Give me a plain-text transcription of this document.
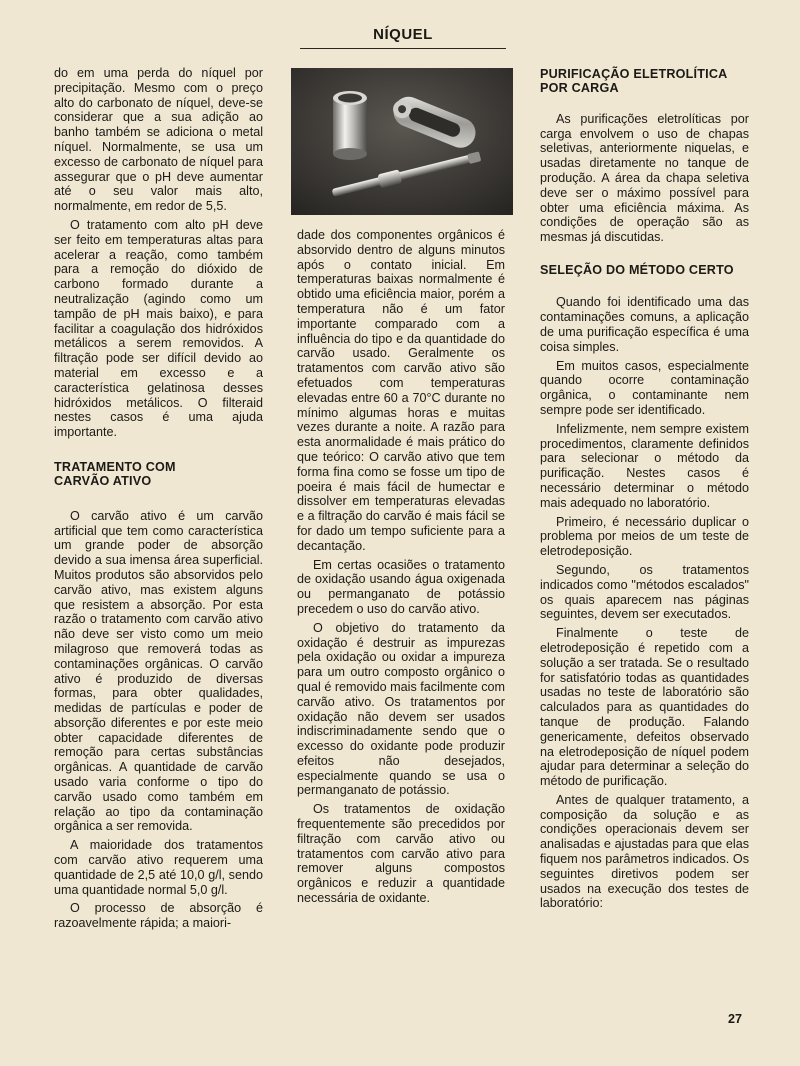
NÍQUEL

do em uma perda do níquel por precipitação. Mesmo com o preço alto do carbonato de níquel, deve-se considerar que a sua adição ao banho também se adiciona o metal níquel. Normalmente, se usa um excesso de carbonato de níquel para assegurar que o pH deve aumentar até o seu valor mais alto, normalmente, em redor de 5,5.

O tratamento com alto pH deve ser feito em temperaturas altas para acelerar a reação, como também para a remoção do dióxido de carbono formado durante a neutralização (agindo como um tampão de pH mais baixo), e para facilitar a coagulação dos hidróxidos metálicos a serem removidos. A filtração pode ser difícil devido ao material em excesso e a característica gelatinosa desses hidróxidos metálicos. O filteraid nestes casos é uma ajuda importante.

TRATAMENTO COM CARVÃO ATIVO

O carvão ativo é um carvão artificial que tem como característica um grande poder de absorção devido a sua imensa área superficial. Muitos produtos são absorvidos pelo carvão ativo, mas existem alguns que resistem a absorção. Por esta razão o tratamento com carvão ativo não deve ser visto como um meio milagroso que removerá todas as contaminações orgânicas. O carvão ativo é produzido de diversas formas, para obter qualidades, medidas de partículas e poder de absorção diferentes e por este meio obter capacidade diferentes de remoção para certas substâncias orgânicas. A quantidade de carvão usado varia conforme o tipo do carvão usado como também em relação ao tipo da contaminação orgânica a ser removida.

A maioridade dos tratamentos com carvão ativo requerem uma quantidade de 2,5 até 10,0 g/l, sendo uma quantidade normal 5,0 g/l.

O processo de absorção é razoavelmente rápida; a maiori-

dade dos componentes orgânicos é absorvido dentro de alguns minutos após o contato inicial. Em temperaturas baixas normalmente é obtido uma eficiência maior, porém a temperatura não é um fator importante comparado com a influência do tipo e da quantidade do carvão usado. Geralmente os tratamentos com carvão ativo são efetuados com temperaturas elevadas entre 60 a 70°C durante no mínimo algumas horas e muitas vezes durante a noite. A razão para esta anormalidade é mais prático do que teórico: O carvão ativo que tem forma fina como se fosse um tipo de poeira é mais fácil de humectar e dissolver em temperaturas elevadas e a filtração do carvão é mais fácil se for dado um tempo suficiente para a decantação.

Em certas ocasiões o tratamento de oxidação usando água oxigenada ou permanganato de potássio precedem o uso do carvão ativo.

O objetivo do tratamento da oxidação é destruir as impurezas pela oxidação ou oxidar a impureza para um outro composto orgânico o qual é removido mais facilmente com carvão ativo. Os tratamentos por oxidação não devem ser usados indiscriminadamente sendo que o excesso do oxidante pode produzir efeitos não desejados, especialmente quando se usa o permanganato de potássio.

Os tratamentos de oxidação frequentemente são precedidos por filtração com carvão ativo ou tratamentos com carvão ativo para remover alguns compostos orgânicos e reduzir a quantidade necessária de oxidante.

PURIFICAÇÃO ELETROLÍTICA POR CARGA

As purificações eletrolíticas por carga envolvem o uso de chapas seletivas, anteriormente niquelas, e usadas diretamente no tanque de produção. A área da chapa seletiva deve ser o máximo possível para obter uma eficiência máxima. As condições de operação são as mesmas já discutidas.

SELEÇÃO DO MÉTODO CERTO

Quando foi identificado uma das contaminações comuns, a aplicação de uma purificação específica é uma coisa simples.

Em muitos casos, especialmente quando ocorre contaminação orgânica, o contaminante nem sempre pode ser identificado.

Infelizmente, nem sempre existem procedimentos, claramente definidos para selecionar o método da purificação. Nestes casos é necessário determinar o método mais adequado no laboratório.

Primeiro, é necessário duplicar o problema por meios de um teste de eletrodeposição.

Segundo, os tratamentos indicados como "métodos escalados" os quais aparecem nas páginas seguintes, devem ser executados.

Finalmente o teste de eletrodeposição é repetido com a solução a ser tratada. Se o resultado for satisfatório todas as quantidades usadas no teste de laboratório são calculados para as quantidades do tanque de produção. Falando genericamente, defeitos observado na eletrodeposição de níquel podem ajudar para determinar a seleção do método de purificação.

Antes de qualquer tratamento, a composição da solução e as condições operacionais devem ser analisadas e ajustadas para que elas fiquem nos parâmetros indicados. Os seguintes diretivos podem ser usados na execução dos testes de laboratório:

27
